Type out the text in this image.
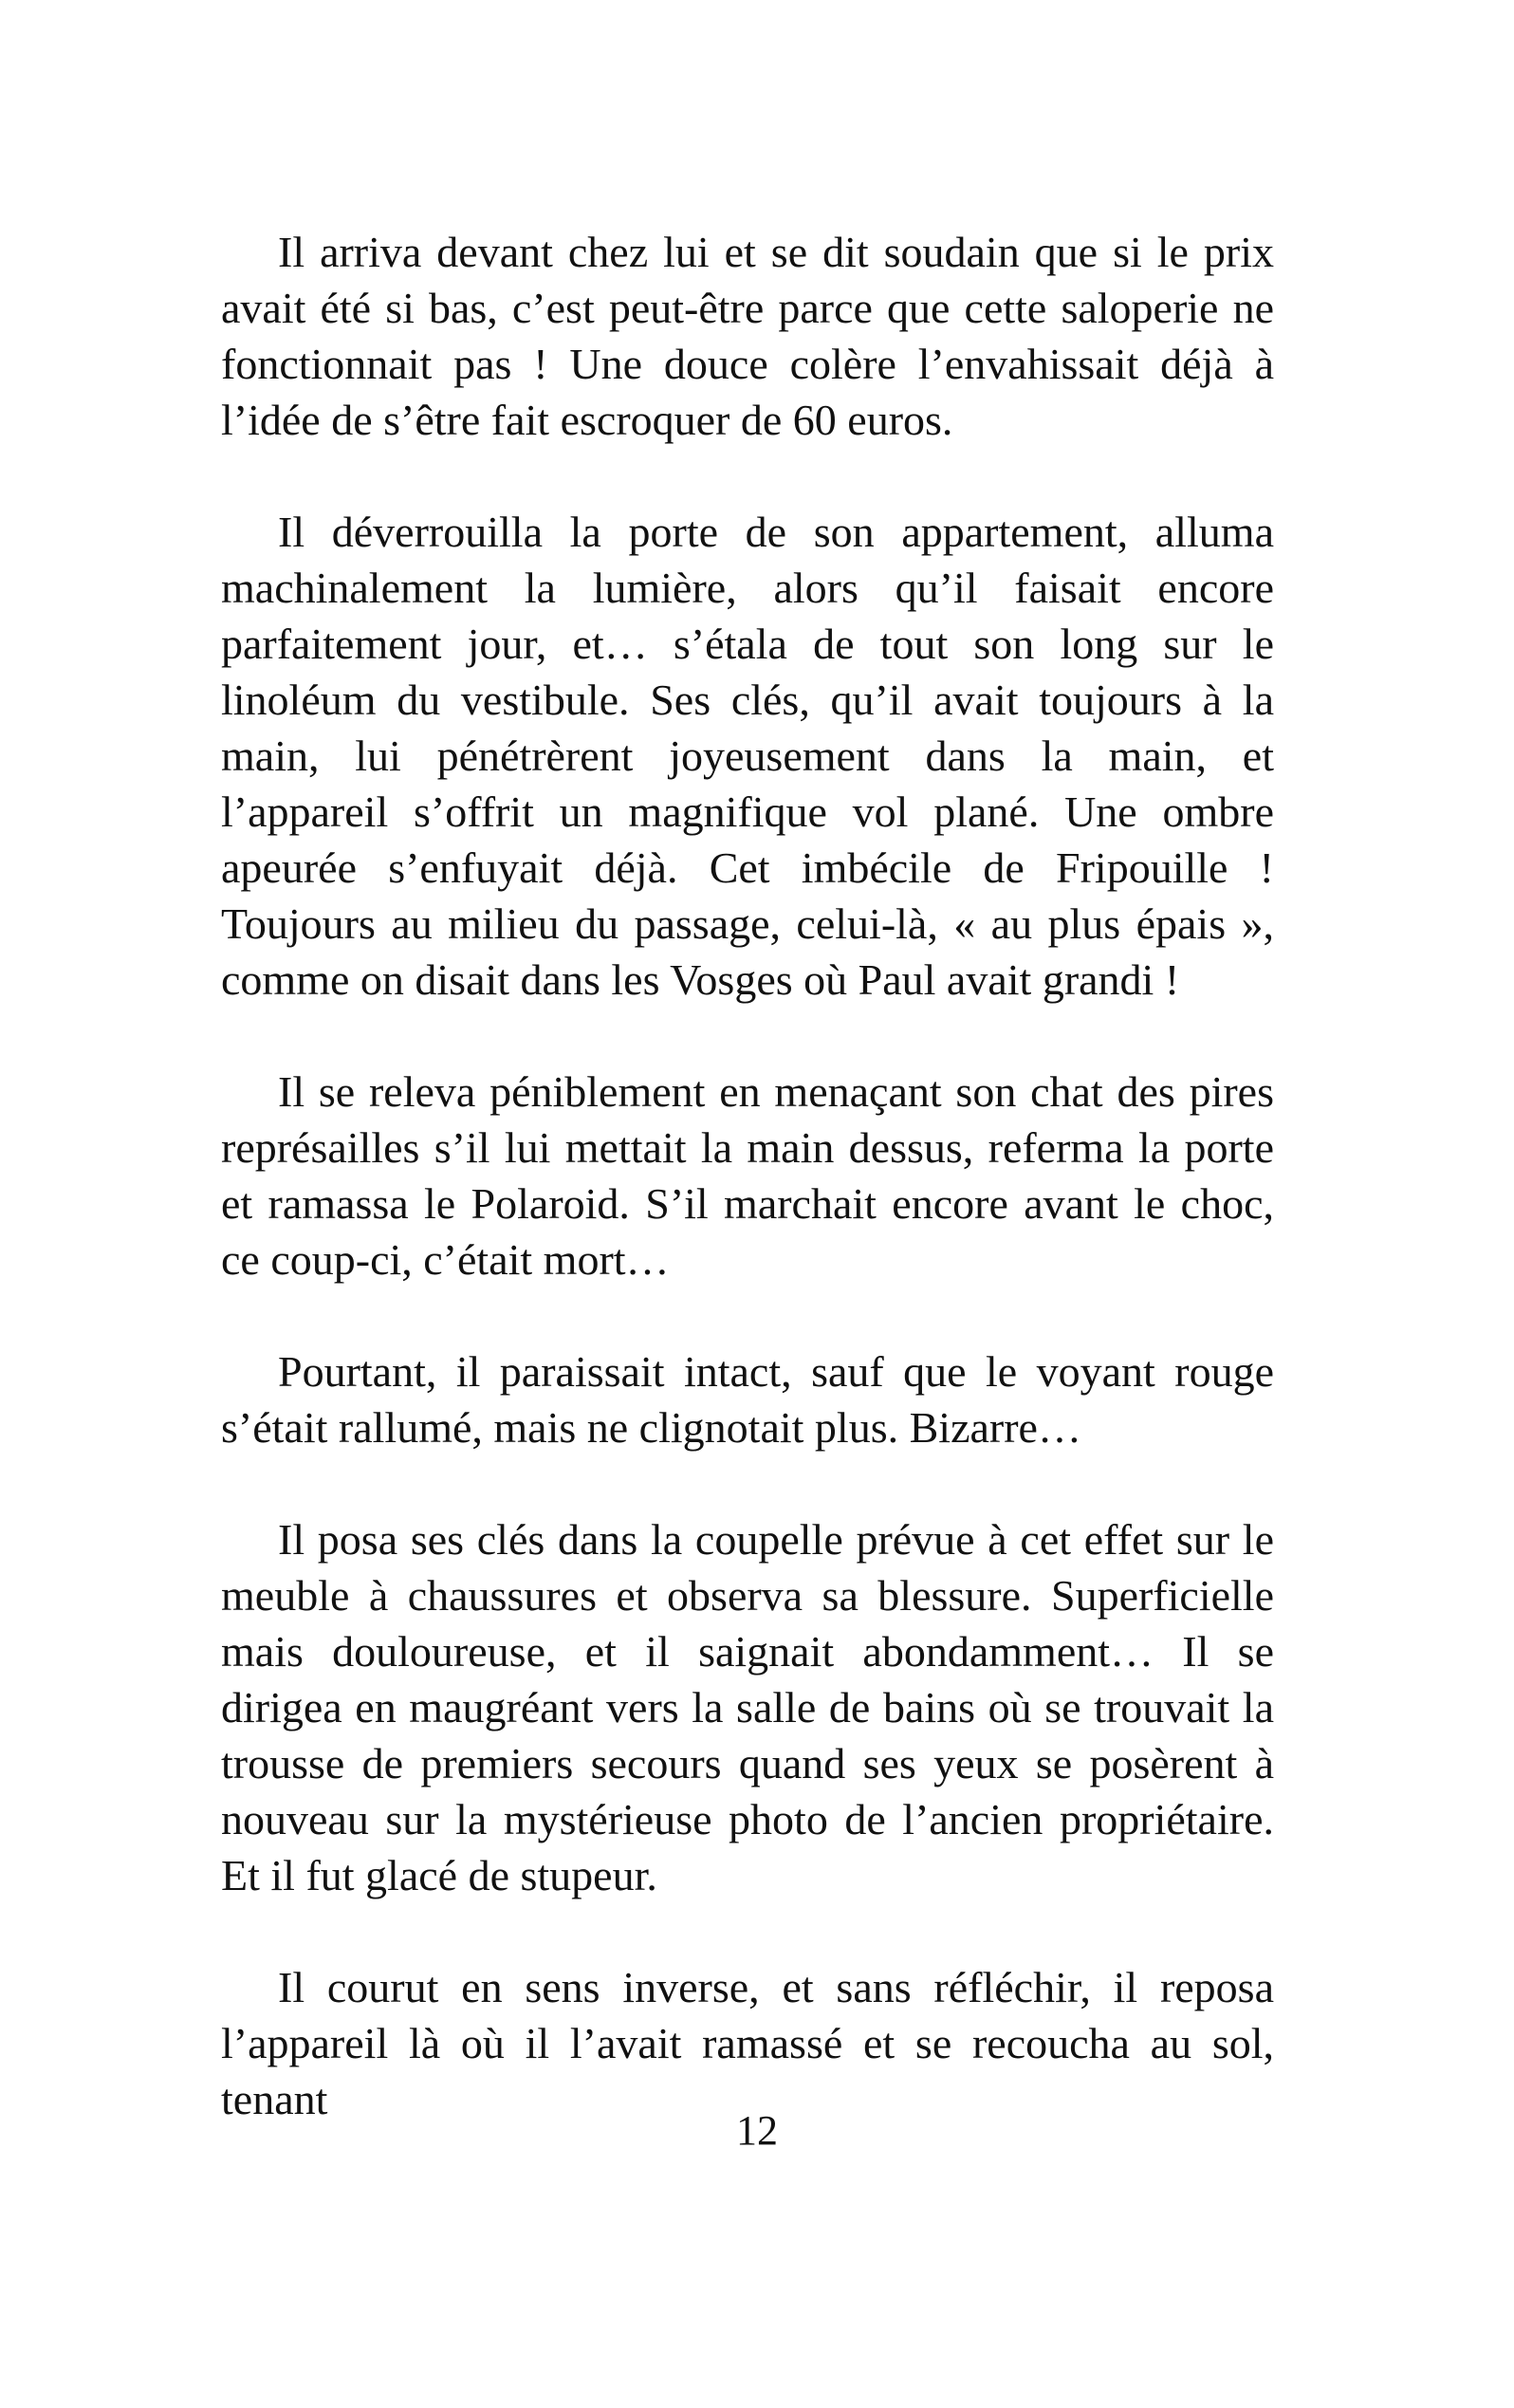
Il arriva devant chez lui et se dit soudain que si le prix avait été si bas, c’est peut-être parce que cette saloperie ne fonctionnait pas ! Une douce colère l’envahissait déjà à l’idée de s’être fait escroquer de 60 euros.

Il déverrouilla la porte de son appartement, alluma machinalement la lumière, alors qu’il faisait encore parfaitement jour, et… s’étala de tout son long sur le linoléum du vestibule. Ses clés, qu’il avait toujours à la main, lui pénétrèrent joyeusement dans la main, et l’appareil s’offrit un magnifique vol plané. Une ombre apeurée s’enfuyait déjà. Cet imbécile de Fripouille ! Toujours au milieu du passage, celui-là, « au plus épais », comme on disait dans les Vosges où Paul avait grandi !

Il se releva péniblement en menaçant son chat des pires représailles s’il lui mettait la main dessus, referma la porte et ramassa le Polaroid. S’il marchait encore avant le choc, ce coup-ci, c’était mort…

Pourtant, il paraissait intact, sauf que le voyant rouge s’était rallumé, mais ne clignotait plus. Bizarre…

Il posa ses clés dans la coupelle prévue à cet effet sur le meuble à chaussures et observa sa blessure. Superficielle mais douloureuse, et il saignait abondamment… Il se dirigea en maugréant vers la salle de bains où se trouvait la trousse de premiers secours quand ses yeux se posèrent à nouveau sur la mystérieuse photo de l’ancien propriétaire. Et il fut glacé de stupeur.

Il courut en sens inverse, et sans réfléchir, il reposa l’appareil là où il l’avait ramassé et se recoucha au sol, tenant

12
